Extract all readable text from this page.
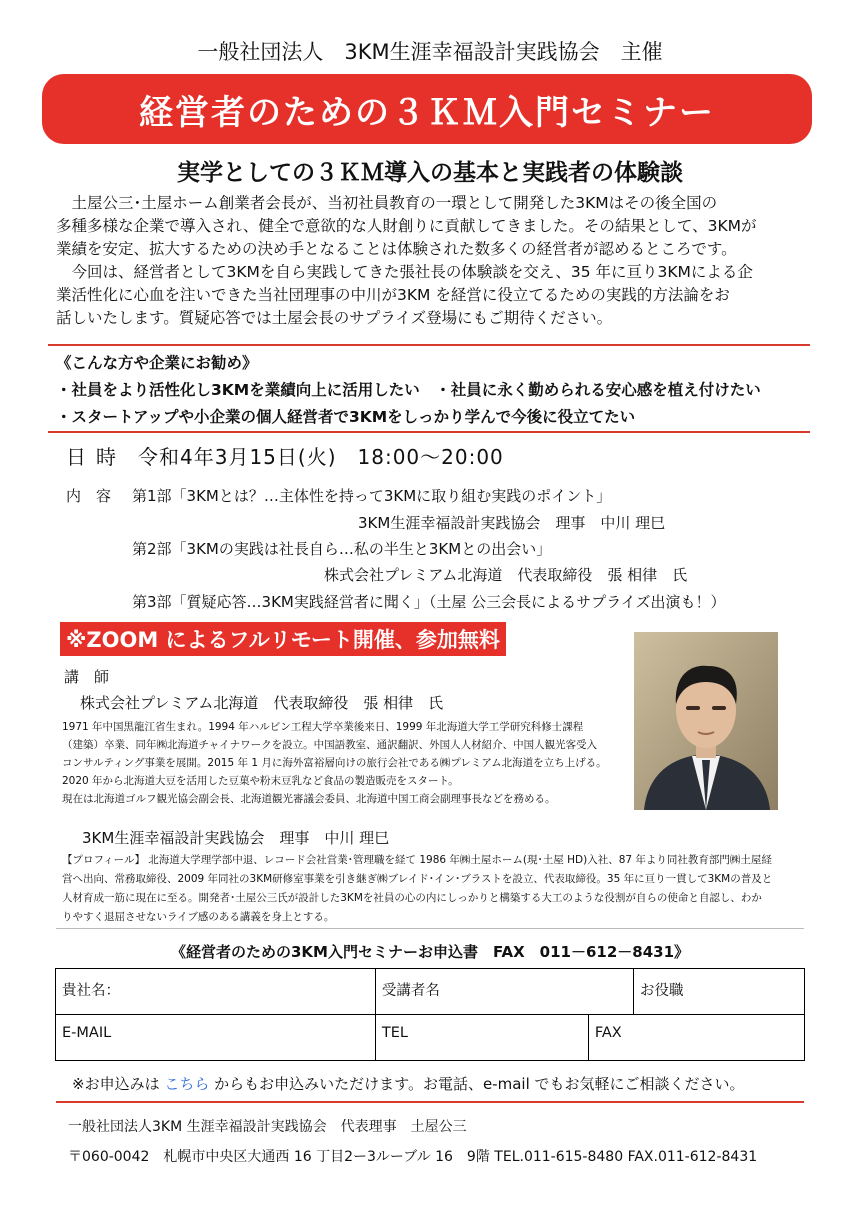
一般社団法人　3KM生涯幸福設計実践協会　主催
経営者のための３ＫＭ入門セミナー
実学としての３ＫＭ導入の基本と実践者の体験談
土屋公三･土屋ホーム創業者会長が、当初社員教育の一環として開発した3KMはその後全国の
多種多様な企業で導入され、健全で意欲的な人財創りに貢献してきました。その結果として、3KMが
業績を安定、拡大するための決め手となることは体験された数多くの経営者が認めるところです。
今回は、経営者として3KMを自ら実践してきた張社長の体験談を交え、35 年に亘り3KMによる企
業活性化に心血を注いできた当社団理事の中川が3KM を経営に役立てるための実践的方法論をお
話しいたします。質疑応答では土屋会長のサプライズ登場にもご期待ください。
《こんな方や企業にお勧め》
・社員をより活性化し3KMを業績向上に活用したい　・社員に永く勤められる安心感を植え付けたい
・スタートアップや小企業の個人経営者で3KMをしっかり学んで今後に役立てたい
日時 令和4年3月15日(火)　18:00～20:00
内　容 第1部「3KMとは？…主体性を持って3KMに取り組む実践のポイント」
3KM生涯幸福設計実践協会　理事　中川 理巳
第2部「3KMの実践は社長自ら…私の半生と3KMとの出会い」
株式会社プレミアム北海道　代表取締役　張 相律　氏
第3部「質疑応答…3KM実践経営者に聞く」（土屋 公三会長によるサプライズ出演も！）
※ZOOM によるフルリモート開催、参加無料
講　師
株式会社プレミアム北海道　代表取締役　張 相律　氏
1971 年中国黒龍江省生まれ。1994 年ハルビン工程大学卒業後来日、1999 年北海道大学工学研究科修士課程
（建築）卒業、同年㈱北海道チャイナワークを設立。中国語教室、通訳翻訳、外国人人材紹介、中国人観光客受入
コンサルティング事業を展開。2015 年 1 月に海外富裕層向けの旅行会社である㈱プレミアム北海道を立ち上げる。
2020 年から北海道大豆を活用した豆菓や粉末豆乳など食品の製造販売をスタート。
現在は北海道ゴルフ観光協会副会長、北海道観光審議会委員、北海道中国工商会副理事長などを務める。
3KM生涯幸福設計実践協会　理事　中川 理巳
【プロフィール】 北海道大学理学部中退、レコード会社営業･管理職を経て 1986 年㈱土屋ホーム(現･土屋 HD)入社、87 年より同社教育部門㈱土屋経
営へ出向、常務取締役、2009 年同社の3KM研修室事業を引き継ぎ㈱ブレイド･イン･ブラストを設立、代表取締役。35 年に亘り一貫して3KMの普及と
人材育成一筋に現在に至る。開発者･土屋公三氏が設計した3KMを社員の心の内にしっかりと構築する大工のような役割が自らの使命と自認し、わか
りやすく退屈させないライブ感のある講義を身上とする。
《経営者のための3KM入門セミナーお申込書　FAX　011－612－8431》
貴社名：	受講者名		お役職
E-MAIL	TEL	FAX	
※お申込みは こちら からもお申込みいただけます。お電話、e-mail でもお気軽にご相談ください。
一般社団法人3KM 生涯幸福設計実践協会　代表理事　土屋公三
〒060-0042　札幌市中央区大通西 16 丁目2ー3ルーブル 16　9階 TEL.011-615-8480 FAX.011-612-8431
